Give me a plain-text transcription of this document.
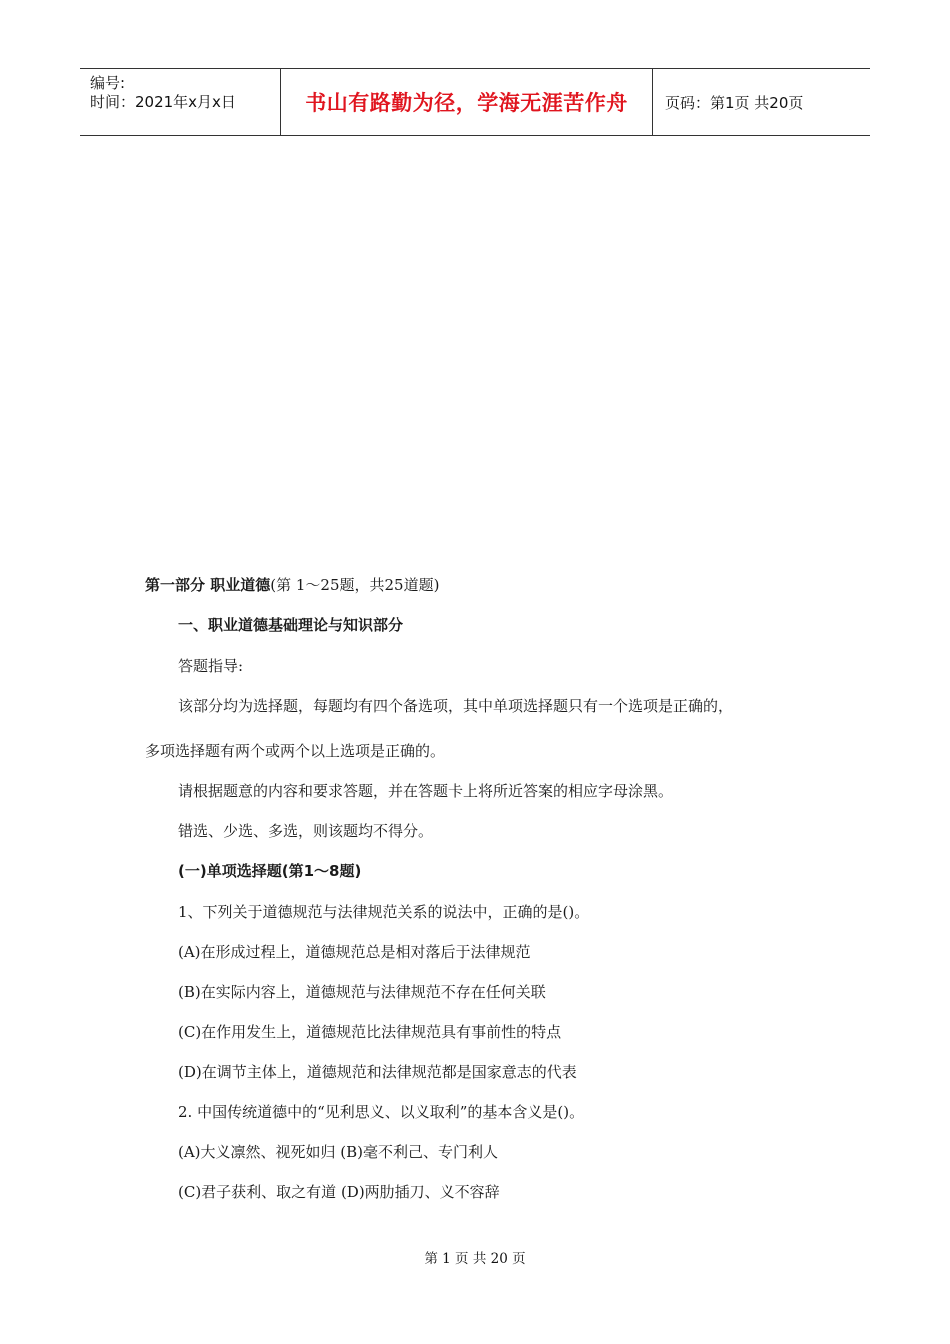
编号:
时间：2021年x月x日	书山有路勤为径，学海无涯苦作舟	页码：第1页 共20页
第一部分 职业道德(第 1～25题，共25道题)
一、职业道德基础理论与知识部分
答题指导:
该部分均为选择题，每题均有四个备选项，其中单项选择题只有一个选项是正确的，
多项选择题有两个或两个以上选项是正确的。
请根据题意的内容和要求答题，并在答题卡上将所近答案的相应字母涂黑。
错选、少选、多选，则该题均不得分。
(一)单项选择题(第1～8题)
1、下列关于道德规范与法律规范关系的说法中，正确的是()。
(A)在形成过程上，道德规范总是相对落后于法律规范
(B)在实际内容上，道德规范与法律规范不存在任何关联
(C)在作用发生上，道德规范比法律规范具有事前性的特点
(D)在调节主体上，道德规范和法律规范都是国家意志的代表
2. 中国传统道德中的“见利思义、以义取利”的基本含义是()。
(A)大义凛然、视死如归 (B)毫不利己、专门利人
(C)君子获利、取之有道 (D)两肋插刀、义不容辞
第 1 页 共 20 页
